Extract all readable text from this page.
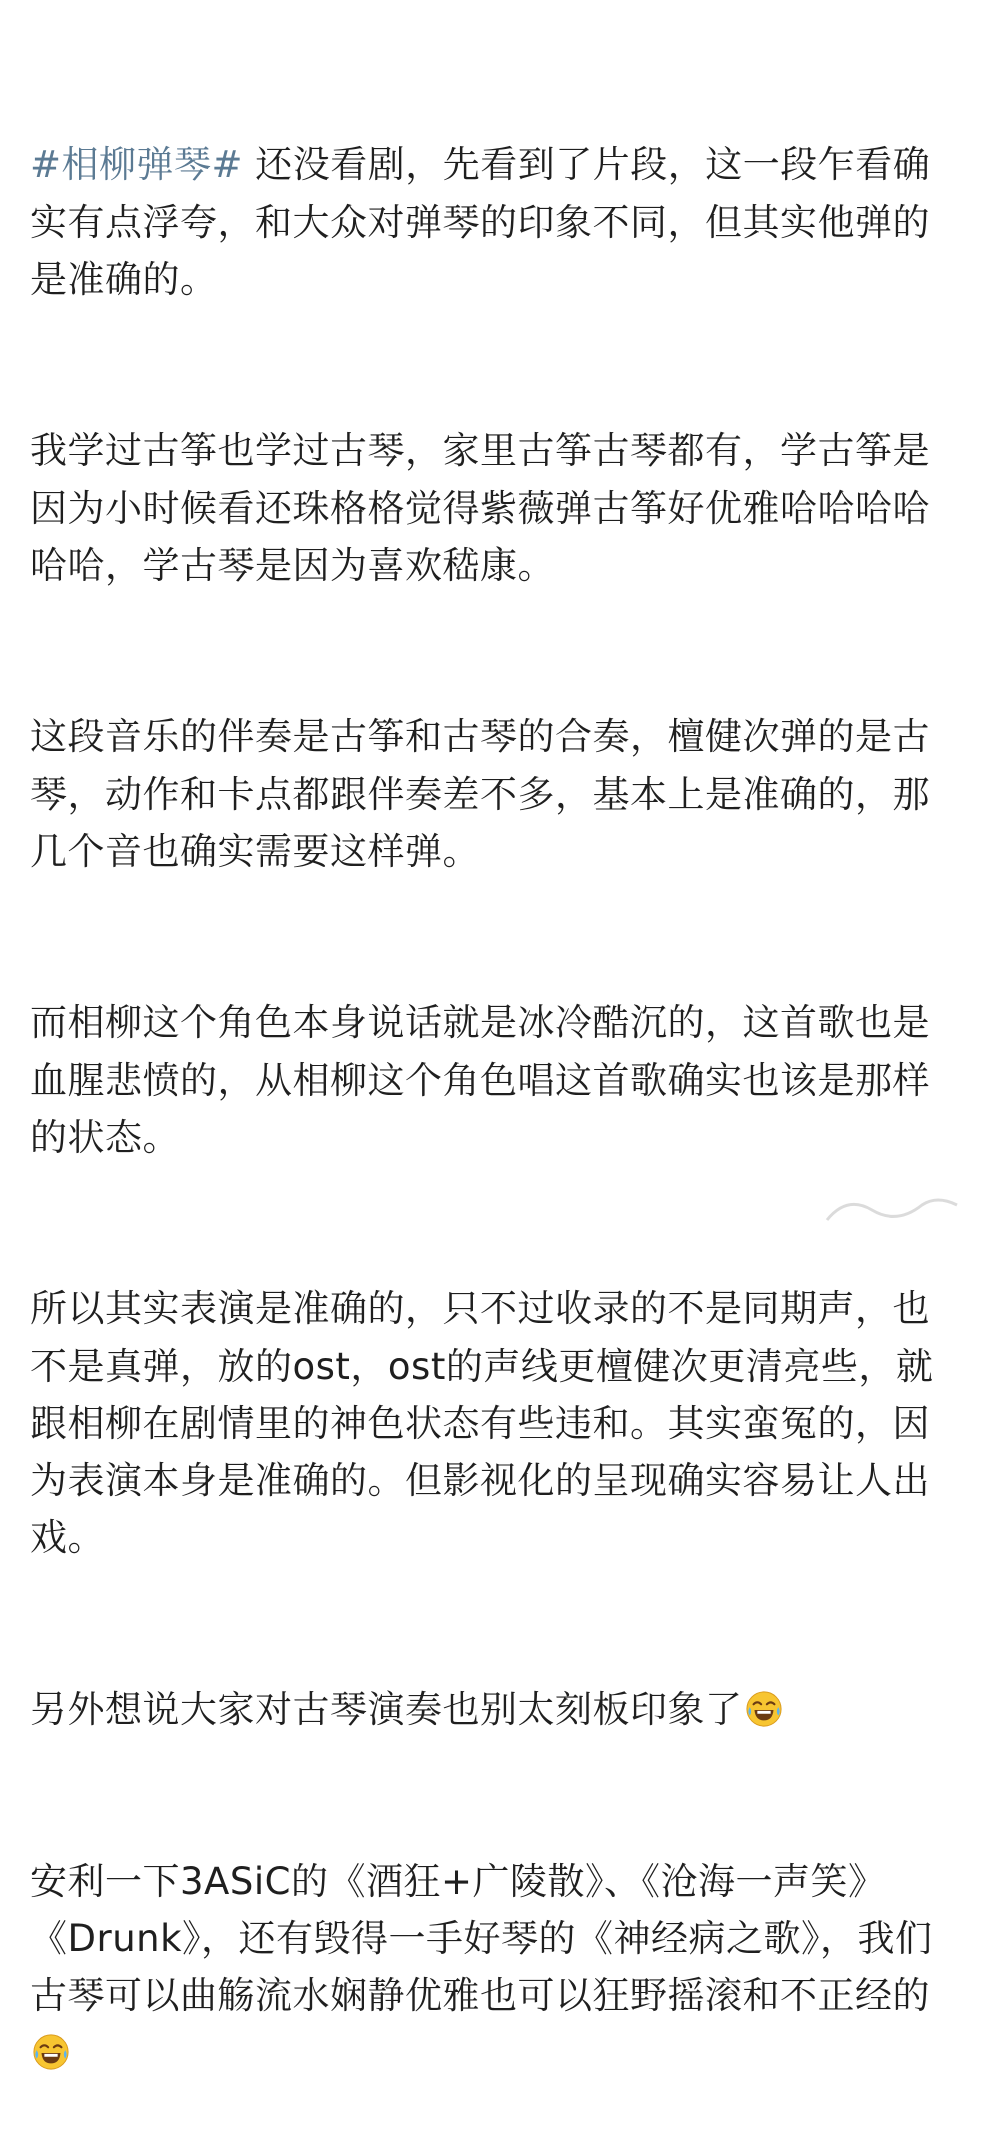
#相柳弹琴# 还没看剧，先看到了片段，这一段乍看确实有点浮夸，和大众对弹琴的印象不同，但其实他弹的是准确的。

我学过古筝也学过古琴，家里古筝古琴都有，学古筝是因为小时候看还珠格格觉得紫薇弹古筝好优雅哈哈哈哈哈哈，学古琴是因为喜欢嵇康。

这段音乐的伴奏是古筝和古琴的合奏，檀健次弹的是古琴，动作和卡点都跟伴奏差不多，基本上是准确的，那几个音也确实需要这样弹。

而相柳这个角色本身说话就是冰冷酷沉的，这首歌也是血腥悲愤的，从相柳这个角色唱这首歌确实也该是那样的状态。

所以其实表演是准确的，只不过收录的不是同期声，也不是真弹，放的ost，ost的声线更檀健次更清亮些，就跟相柳在剧情里的神色状态有些违和。其实蛮冤的，因为表演本身是准确的。但影视化的呈现确实容易让人出戏。

另外想说大家对古琴演奏也别太刻板印象了

安利一下3ASiC的《酒狂+广陵散》、《沧海一声笑》《Drunk》，还有毁得一手好琴的《神经病之歌》，我们古琴可以曲觞流水娴静优雅也可以狂野摇滚和不正经的
